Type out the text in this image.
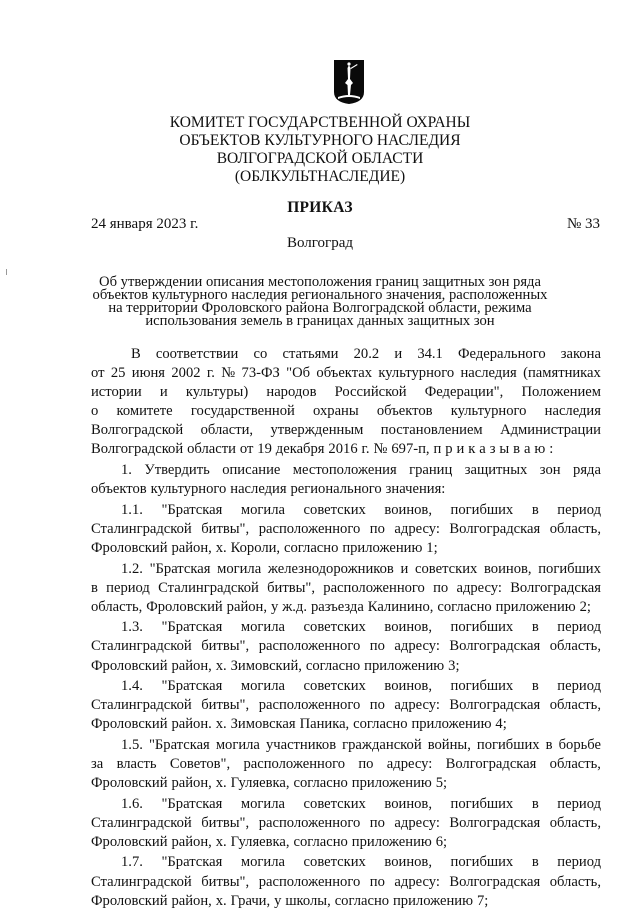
КОМИТЕТ ГОСУДАРСТВЕННОЙ ОХРАНЫ
ОБЪЕКТОВ КУЛЬТУРНОГО НАСЛЕДИЯ
ВОЛГОГРАДСКОЙ ОБЛАСТИ
(ОБЛКУЛЬТНАСЛЕДИЕ)
ПРИКАЗ
24 января 2023 г.	№ 33
Волгоград
Об утверждении описания местоположения границ защитных зон ряда
объектов культурного наследия регионального значения, расположенных
на территории Фроловского района Волгоградской области, режима
использования земель в границах данных защитных зон
В соответствии со статьями 20.2 и 34.1 Федерального закона
от 25 июня 2002 г. № 73-ФЗ "Об объектах культурного наследия (памятниках
истории и культуры) народов Российской Федерации", Положением
о комитете государственной охраны объектов культурного наследия
Волгоградской области, утвержденным постановлением Администрации
Волгоградской области от 19 декабря 2016 г. № 697-п, п р и к а з ы в а ю :
1. Утвердить описание местоположения границ защитных зон ряда
объектов культурного наследия регионального значения:
1.1. "Братская могила советских воинов, погибших в период
Сталинградской битвы", расположенного по адресу: Волгоградская область,
Фроловский район, х. Короли, согласно приложению 1;
1.2. "Братская могила железнодорожников и советских воинов, погибших
в период Сталинградской битвы", расположенного по адресу: Волгоградская
область, Фроловский район, у ж.д. разъезда Калинино, согласно приложению 2;
1.3. "Братская могила советских воинов, погибших в период
Сталинградской битвы", расположенного по адресу: Волгоградская область,
Фроловский район, х. Зимовский, согласно приложению 3;
1.4. "Братская могила советских воинов, погибших в период
Сталинградской битвы", расположенного по адресу: Волгоградская область,
Фроловский район. х. Зимовская Паника, согласно приложению 4;
1.5. "Братская могила участников гражданской войны, погибших в борьбе
за власть Советов", расположенного по адресу: Волгоградская область,
Фроловский район, х. Гуляевка, согласно приложению 5;
1.6. "Братская могила советских воинов, погибших в период
Сталинградской битвы", расположенного по адресу: Волгоградская область,
Фроловский район, х. Гуляевка, согласно приложению 6;
1.7. "Братская могила советских воинов, погибших в период
Сталинградской битвы", расположенного по адресу: Волгоградская область,
Фроловский район, х. Грачи, у школы, согласно приложению 7;
